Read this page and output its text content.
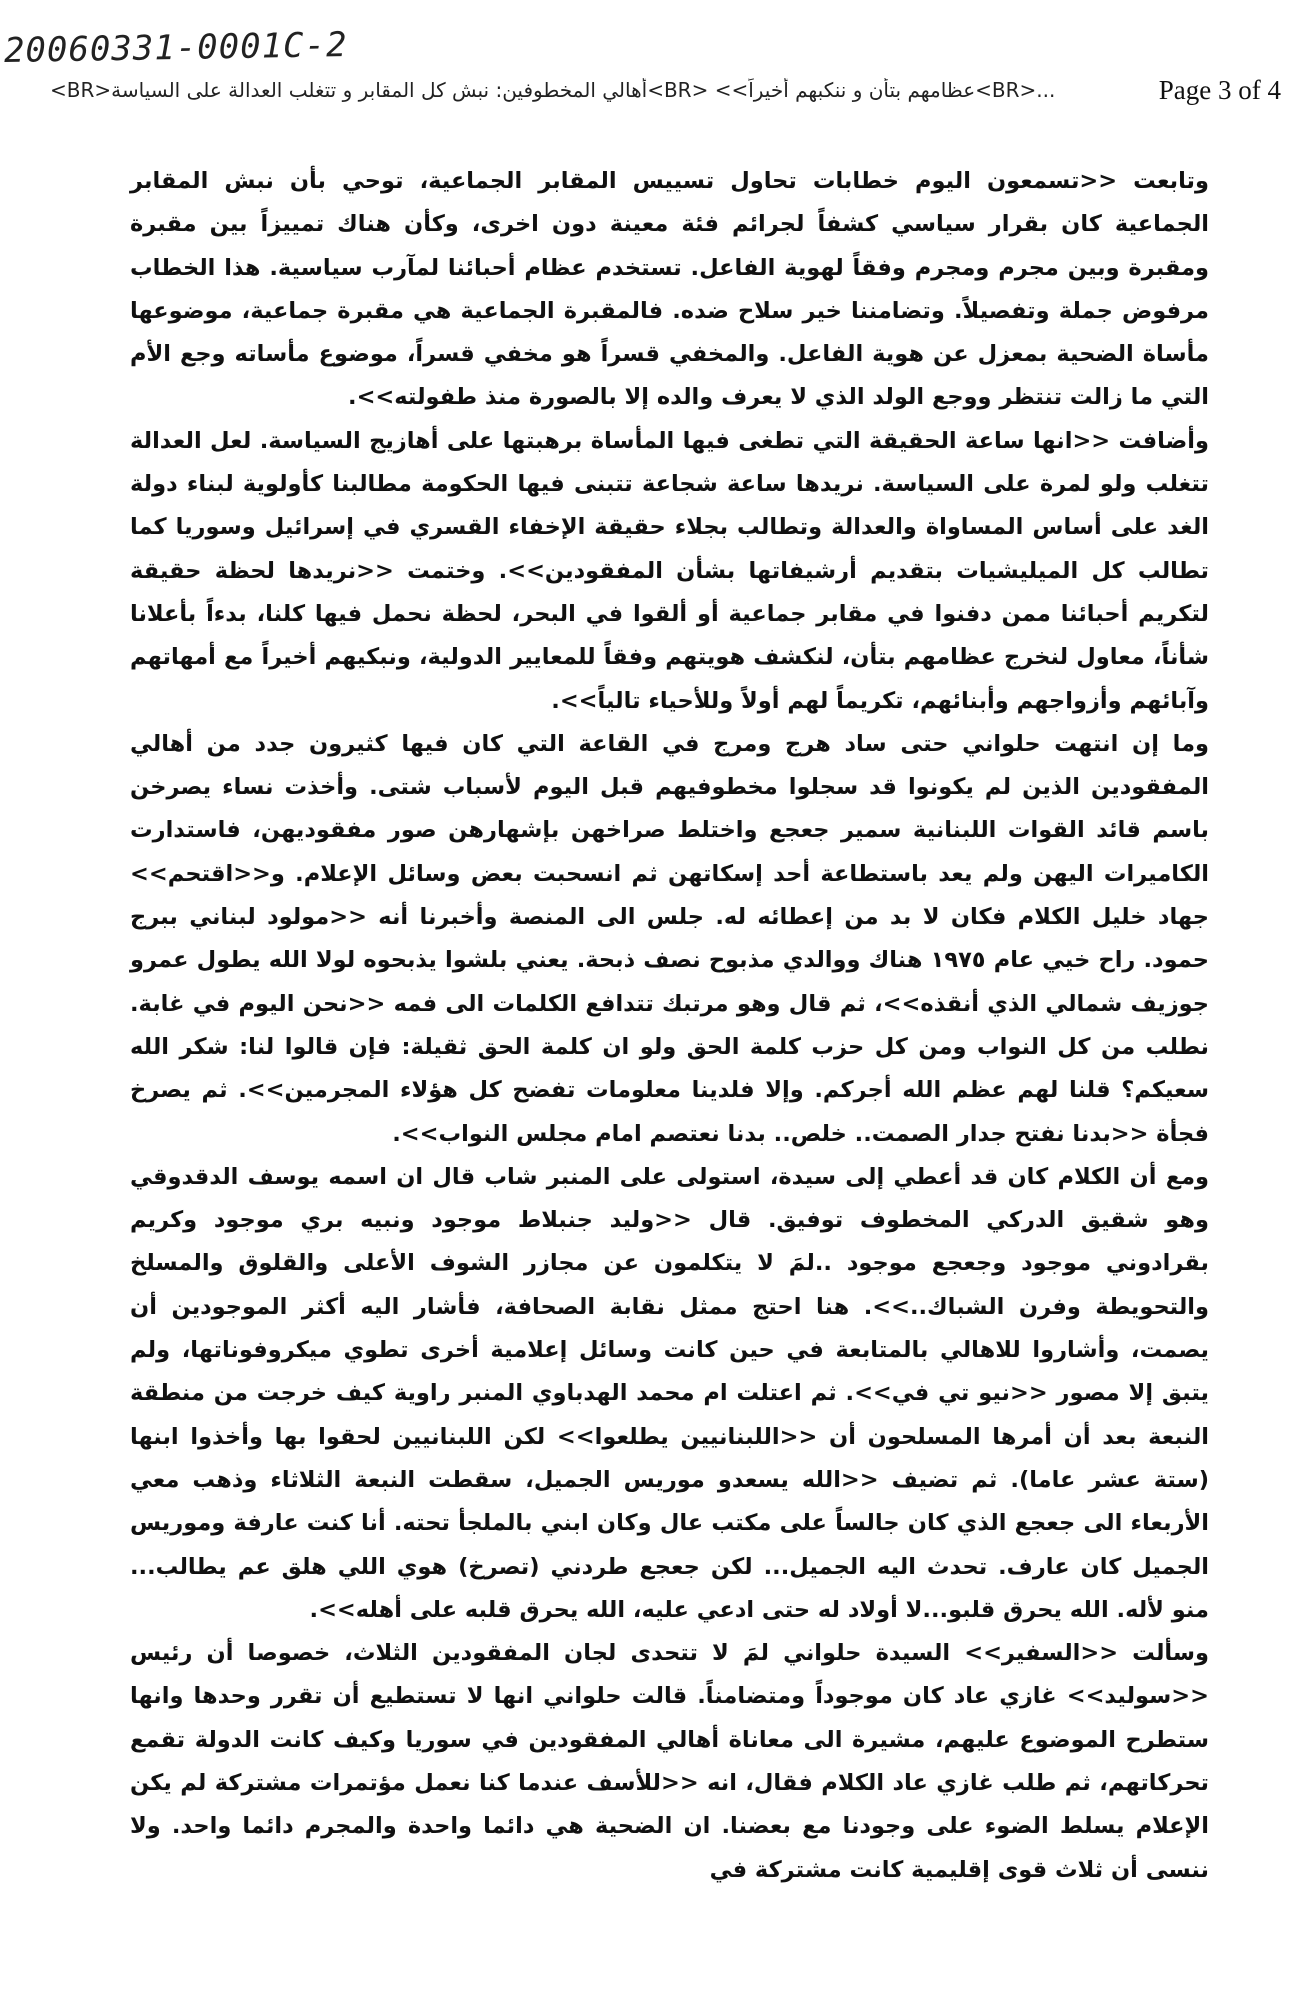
20060331-0001C-2
<BR>أهالي المخطوفين: نبش كل المقابر و تتغلب العدالة على السياسة<BR> <<عظامهم بتأن و ننكبهم أخيراً<BR>...	Page 3 of 4

وتابعت <<تسمعون اليوم خطابات تحاول تسييس المقابر الجماعية، توحي بأن نبش المقابر الجماعية كان بقرار سياسي كشفاً لجرائم فئة معينة دون اخرى، وكأن هناك تمييزاً بين مقبرة ومقبرة وبين مجرم ومجرم وفقاً لهوية الفاعل. تستخدم عظام أحبائنا لمآرب سياسية. هذا الخطاب مرفوض جملة وتفصيلاً. وتضامننا خير سلاح ضده. فالمقبرة الجماعية هي مقبرة جماعية، موضوعها مأساة الضحية بمعزل عن هوية الفاعل. والمخفي قسراً هو مخفي قسراً، موضوع مأساته وجع الأم التي ما زالت تنتظر ووجع الولد الذي لا يعرف والده إلا بالصورة منذ طفولته>>.

وأضافت <<انها ساعة الحقيقة التي تطغى فيها المأساة برهبتها على أهازيج السياسة. لعل العدالة تتغلب ولو لمرة على السياسة. نريدها ساعة شجاعة تتبنى فيها الحكومة مطالبنا كأولوية لبناء دولة الغد على أساس المساواة والعدالة وتطالب بجلاء حقيقة الإخفاء القسري في إسرائيل وسوريا كما تطالب كل الميليشيات بتقديم أرشيفاتها بشأن المفقودين>>. وختمت <<نريدها لحظة حقيقة لتكريم أحبائنا ممن دفنوا في مقابر جماعية أو ألقوا في البحر، لحظة نحمل فيها كلنا، بدءاً بأعلانا شأناً، معاول لنخرج عظامهم بتأن، لنكشف هويتهم وفقاً للمعايير الدولية، ونبكيهم أخيراً مع أمهاتهم وآبائهم وأزواجهم وأبنائهم، تكريماً لهم أولاً وللأحياء تالياً>>.

وما إن انتهت حلواني حتى ساد هرج ومرج في القاعة التي كان فيها كثيرون جدد من أهالي المفقودين الذين لم يكونوا قد سجلوا مخطوفيهم قبل اليوم لأسباب شتى. وأخذت نساء يصرخن باسم قائد القوات اللبنانية سمير جعجع واختلط صراخهن بإشهارهن صور مفقوديهن، فاستدارت الكاميرات اليهن ولم يعد باستطاعة أحد إسكاتهن ثم انسحبت بعض وسائل الإعلام. و<<اقتحم>> جهاد خليل الكلام فكان لا بد من إعطائه له. جلس الى المنصة وأخبرنا أنه <<مولود لبناني ببرج حمود. راح خيي عام ١٩٧٥ هناك ووالدي مذبوح نصف ذبحة. يعني بلشوا يذبحوه لولا الله يطول عمرو جوزيف شمالي الذي أنقذه>>، ثم قال وهو مرتبك تتدافع الكلمات الى فمه <<نحن اليوم في غابة. نطلب من كل النواب ومن كل حزب كلمة الحق ولو ان كلمة الحق ثقيلة: فإن قالوا لنا: شكر الله سعيكم؟ قلنا لهم عظم الله أجركم. وإلا فلدينا معلومات تفضح كل هؤلاء المجرمين>>. ثم يصرخ فجأة <<بدنا نفتح جدار الصمت.. خلص.. بدنا نعتصم امام مجلس النواب>>.

ومع أن الكلام كان قد أعطي إلى سيدة، استولى على المنبر شاب قال ان اسمه يوسف الدقدوقي وهو شقيق الدركي المخطوف توفيق. قال <<وليد جنبلاط موجود ونبيه بري موجود وكريم بقرادوني موجود وجعجع موجود ..لمَ لا يتكلمون عن مجازر الشوف الأعلى والقلوق والمسلخ والتحويطة وفرن الشباك..>>. هنا احتج ممثل نقابة الصحافة، فأشار اليه أكثر الموجودين أن يصمت، وأشاروا للاهالي بالمتابعة في حين كانت وسائل إعلامية أخرى تطوي ميكروفوناتها، ولم يتبق إلا مصور <<نيو تي في>>. ثم اعتلت ام محمد الهدباوي المنبر راوية كيف خرجت من منطقة النبعة بعد أن أمرها المسلحون أن <<اللبنانيين يطلعوا>> لكن اللبنانيين لحقوا بها وأخذوا ابنها (ستة عشر عاما). ثم تضيف <<الله يسعدو موريس الجميل، سقطت النبعة الثلاثاء وذهب معي الأربعاء الى جعجع الذي كان جالساً على مكتب عال وكان ابني بالملجأ تحته. أنا كنت عارفة وموريس الجميل كان عارف. تحدث اليه الجميل... لكن جعجع طردني (تصرخ) هوي اللي هلق عم يطالب... منو لأله. الله يحرق قلبو...لا أولاد له حتى ادعي عليه، الله يحرق قلبه على أهله>>.

وسألت <<السفير>> السيدة حلواني لمَ لا تتحدى لجان المفقودين الثلاث، خصوصا أن رئيس <<سوليد>> غازي عاد كان موجوداً ومتضامناً. قالت حلواني انها لا تستطيع أن تقرر وحدها وانها ستطرح الموضوع عليهم، مشيرة الى معاناة أهالي المفقودين في سوريا وكيف كانت الدولة تقمع تحركاتهم، ثم طلب غازي عاد الكلام فقال، انه <<للأسف عندما كنا نعمل مؤتمرات مشتركة لم يكن الإعلام يسلط الضوء على وجودنا مع بعضنا. ان الضحية هي دائما واحدة والمجرم دائما واحد. ولا ننسى أن ثلاث قوى إقليمية كانت مشتركة في
